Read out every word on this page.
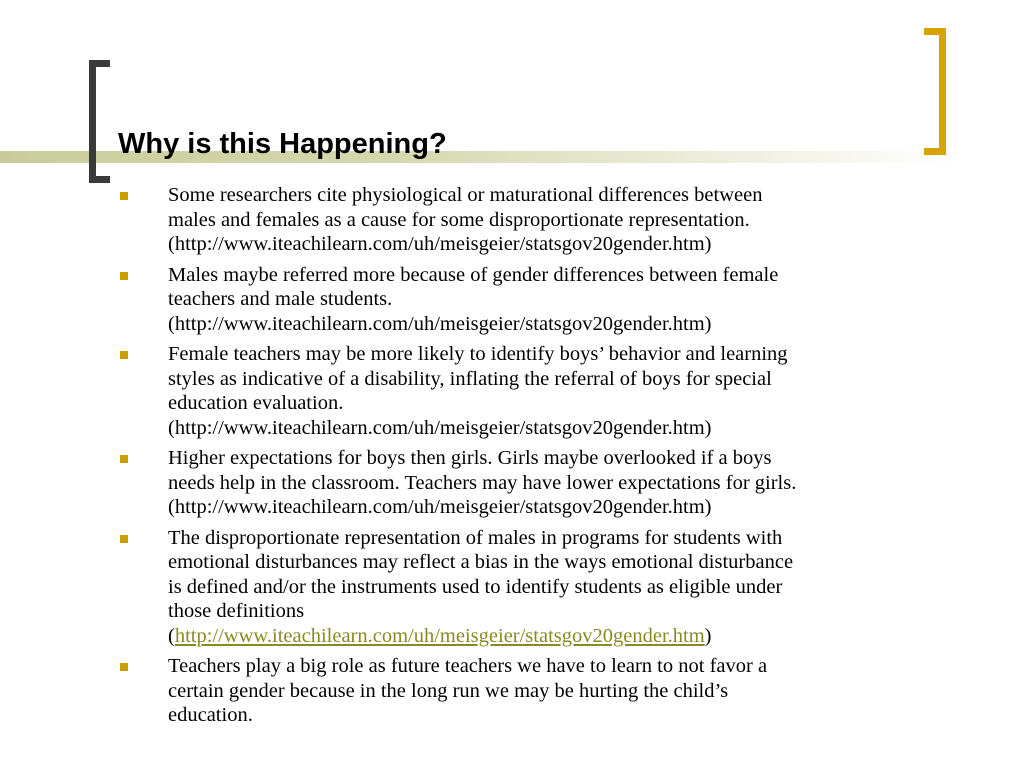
Why is this Happening?
Some researchers cite physiological or maturational differences between
males and females as a cause for some disproportionate representation.
(http://www.iteachilearn.com/uh/meisgeier/statsgov20gender.htm)
Males maybe referred more because of gender differences between female
teachers and male students.
(http://www.iteachilearn.com/uh/meisgeier/statsgov20gender.htm)
Female teachers may be more likely to identify boys’ behavior and learning
styles as indicative of a disability, inflating the referral of boys for special
education evaluation.
(http://www.iteachilearn.com/uh/meisgeier/statsgov20gender.htm)
Higher expectations for boys then girls. Girls maybe overlooked if a boys
needs help in the classroom. Teachers may have lower expectations for girls.
(http://www.iteachilearn.com/uh/meisgeier/statsgov20gender.htm)
The disproportionate representation of males in programs for students with
emotional disturbances may reflect a bias in the ways emotional disturbance
is defined and/or the instruments used to identify students as eligible under
those definitions
(http://www.iteachilearn.com/uh/meisgeier/statsgov20gender.htm)
Teachers play a big role as future teachers we have to learn to not favor a
certain gender because in the long run we may be hurting the child’s
education.
